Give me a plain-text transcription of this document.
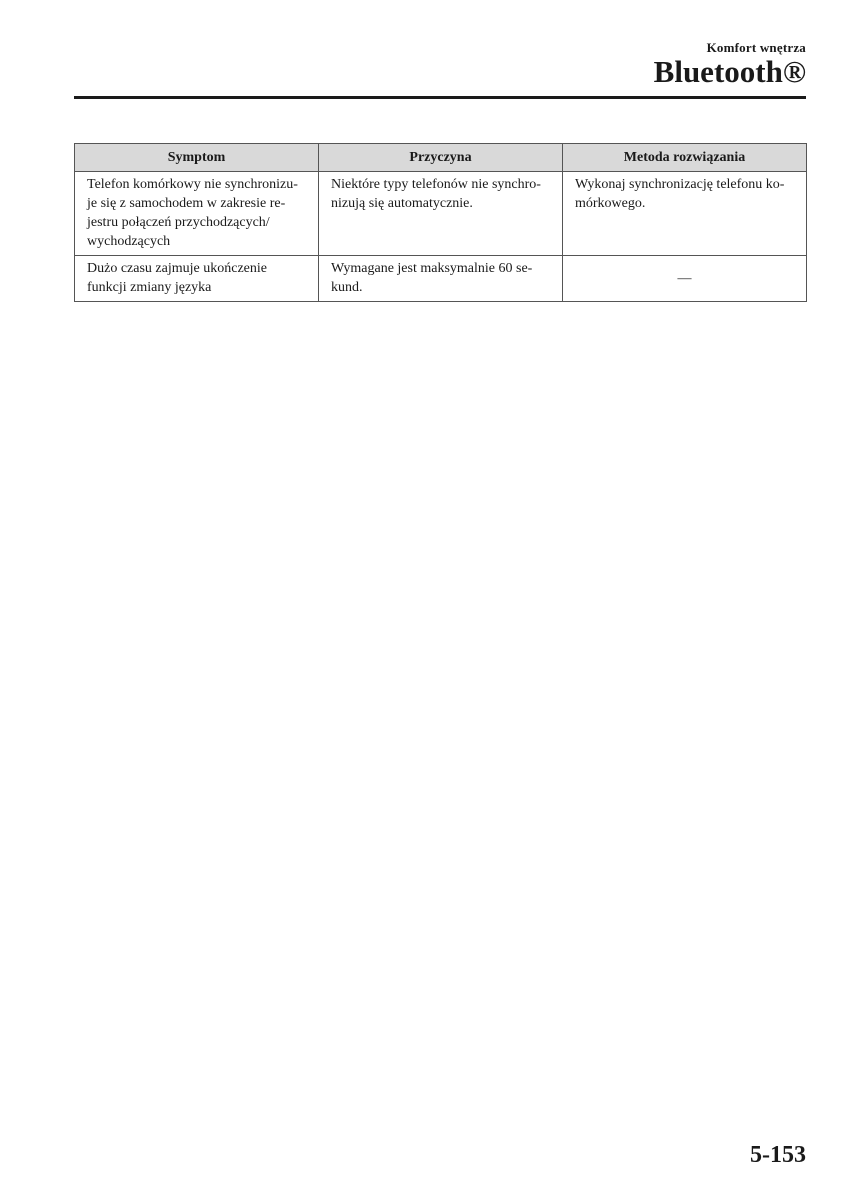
Komfort wnętrza
Bluetooth®
Symptom	Przyczyna	Metoda rozwiązania
Telefon komórkowy nie synchronizu-
je się z samochodem w zakresie re-
jestru połączeń przychodzących/
wychodzących	Niektóre typy telefonów nie synchro-
nizują się automatycznie.	Wykonaj synchronizację telefonu ko-
mórkowego.
Dużo czasu zajmuje ukończenie
funkcji zmiany języka	Wymagane jest maksymalnie 60 se-
kund.	—
5-153
